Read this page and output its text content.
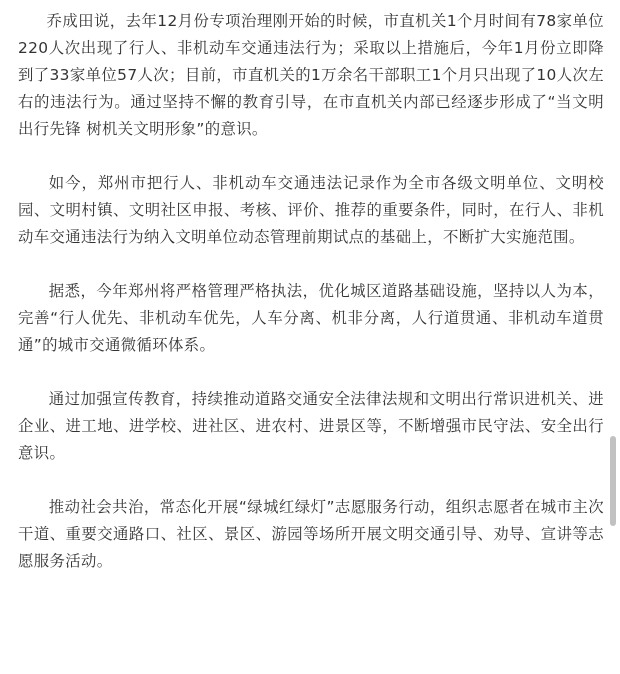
乔成田说，去年12月份专项治理刚开始的时候，市直机关1个月时间有78家单位220人次出现了行人、非机动车交通违法行为；采取以上措施后，今年1月份立即降到了33家单位57人次；目前，市直机关的1万余名干部职工1个月只出现了10人次左右的违法行为。通过坚持不懈的教育引导，在市直机关内部已经逐步形成了“当文明出行先锋 树机关文明形象”的意识。

如今，郑州市把行人、非机动车交通违法记录作为全市各级文明单位、文明校园、文明村镇、文明社区申报、考核、评价、推荐的重要条件，同时，在行人、非机动车交通违法行为纳入文明单位动态管理前期试点的基础上，不断扩大实施范围。

据悉，今年郑州将严格管理严格执法，优化城区道路基础设施，坚持以人为本，完善“行人优先、非机动车优先，人车分离、机非分离，人行道贯通、非机动车道贯通”的城市交通微循环体系。

通过加强宣传教育，持续推动道路交通安全法律法规和文明出行常识进机关、进企业、进工地、进学校、进社区、进农村、进景区等，不断增强市民守法、安全出行意识。

推动社会共治，常态化开展“绿城红绿灯”志愿服务行动，组织志愿者在城市主次干道、重要交通路口、社区、景区、游园等场所开展文明交通引导、劝导、宣讲等志愿服务活动。
